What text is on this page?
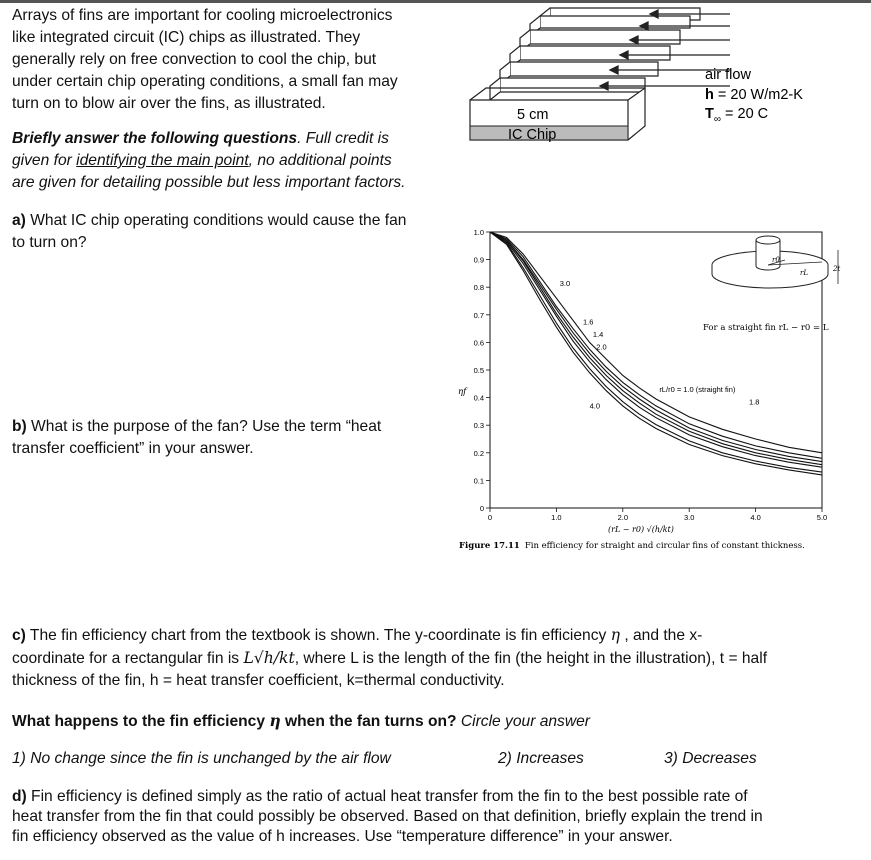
Arrays of fins are important for cooling microelectronics
like integrated circuit (IC) chips as illustrated. They
generally rely on free convection to cool the chip, but
under certain chip operating conditions, a small fan may
turn on to blow air over the fins, as illustrated.
Briefly answer the following questions. Full credit is
given for identifying the main point, no additional points
are given for detailing possible but less important factors.
a) What IC chip operating conditions would cause the fan
to turn on?
b) What is the purpose of the fan? Use the term “heat
transfer coefficient” in your answer.
5 cm
IC Chip
air flow
h = 20 W/m2-K
$T_\infty = 20$ C
0
0.1
0.2
0.3
0.4
0.5
0.6
0.7
0.8
0.9
1.0
0	1.0	2.0	3.0	4.0	5.0
rL/r0 = 1.0 (straight fin)
1.4
1.6
1.8
2.0
3.0
4.0
r0
rL	2t
For a straight fin rL − r0 = L
ηf
(rL − r0) √(h/kt)
Figure 17.11 Fin efficiency for straight and circular fins of constant thickness.
c) The fin efficiency chart from the textbook is shown. The y-coordinate is fin efficiency η , and the x-
coordinate for a rectangular fin is L√h/kt, where L is the length of the fin (the height in the illustration), t = half
thickness of the fin, h = heat transfer coefficient, k=thermal conductivity.
What happens to the fin efficiency η when the fan turns on? Circle your answer
1) No change since the fin is unchanged by the air flow	2) Increases	3) Decreases
d) Fin efficiency is defined simply as the ratio of actual heat transfer from the fin to the best possible rate of
heat transfer from the fin that could possibly be observed. Based on that definition, briefly explain the trend in
fin efficiency observed as the value of h increases. Use “temperature difference” in your answer.
